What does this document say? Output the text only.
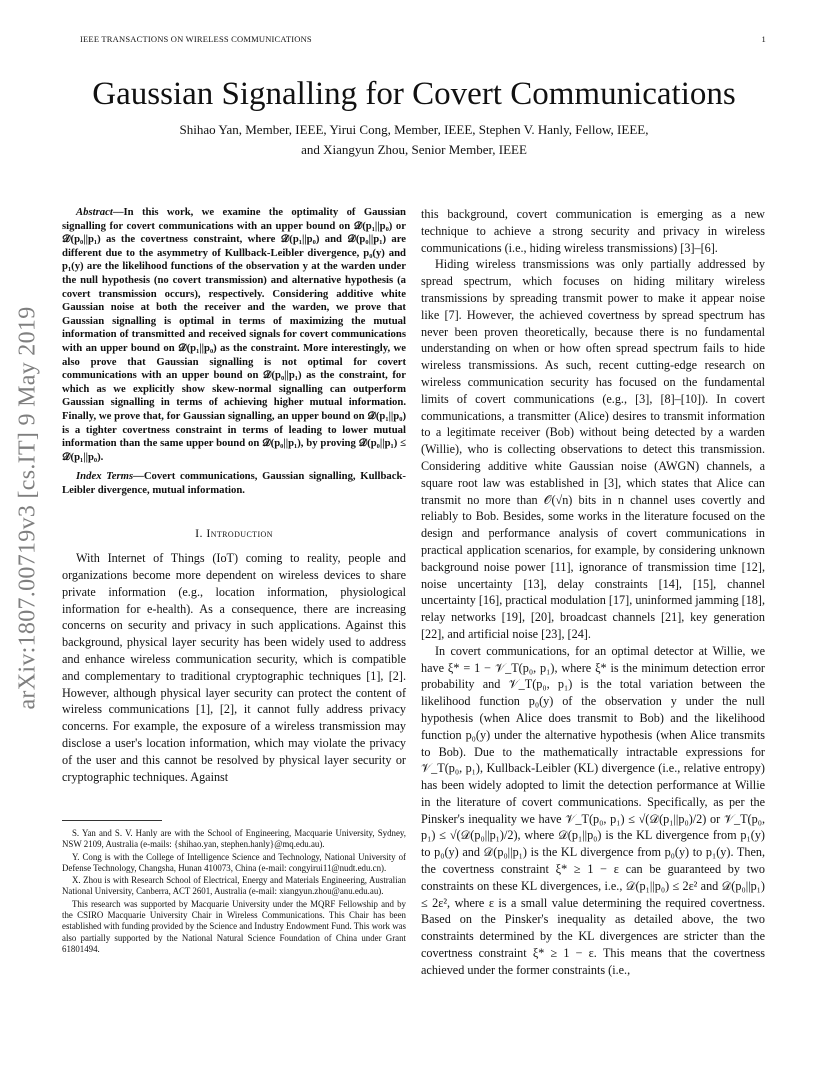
IEEE TRANSACTIONS ON WIRELESS COMMUNICATIONS	1
arXiv:1807.00719v3 [cs.IT] 9 May 2019
Gaussian Signalling for Covert Communications
Shihao Yan, Member, IEEE, Yirui Cong, Member, IEEE, Stephen V. Hanly, Fellow, IEEE,
and Xiangyun Zhou, Senior Member, IEEE

Abstract—In this work, we examine the optimality of Gaussian signalling for covert communications with an upper bound on 𝒟(p₁||p₀) or 𝒟(p₀||p₁) as the covertness constraint, where 𝒟(p₁||p₀) and 𝒟(p₀||p₁) are different due to the asymmetry of Kullback-Leibler divergence, p₀(y) and p₁(y) are the likelihood functions of the observation y at the warden under the null hypothesis (no covert transmission) and alternative hypothesis (a covert transmission occurs), respectively. Considering additive white Gaussian noise at both the receiver and the warden, we prove that Gaussian signalling is optimal in terms of maximizing the mutual information of transmitted and received signals for covert communications with an upper bound on 𝒟(p₁||p₀) as the constraint. More interestingly, we also prove that Gaussian signalling is not optimal for covert communications with an upper bound on 𝒟(p₀||p₁) as the constraint, for which as we explicitly show skew-normal signalling can outperform Gaussian signalling in terms of achieving higher mutual information. Finally, we prove that, for Gaussian signalling, an upper bound on 𝒟(p₁||p₀) is a tighter covertness constraint in terms of leading to lower mutual information than the same upper bound on 𝒟(p₀||p₁), by proving 𝒟(p₀||p₁) ≤ 𝒟(p₁||p₀).

Index Terms—Covert communications, Gaussian signalling, Kullback-Leibler divergence, mutual information.

I. Introduction

With Internet of Things (IoT) coming to reality, people and organizations become more dependent on wireless devices to share private information (e.g., location information, physiological information for e-health). As a consequence, there are increasing concerns on security and privacy in such applications. Against this background, physical layer security has been widely used to address and enhance wireless communication security, which is compatible and complementary to traditional cryptographic techniques [1], [2]. However, although physical layer security can protect the content of wireless communications [1], [2], it cannot fully address privacy concerns. For example, the exposure of a wireless transmission may disclose a user's location information, which may violate the privacy of the user and this cannot be resolved by physical layer security or cryptographic techniques. Against

S. Yan and S. V. Hanly are with the School of Engineering, Macquarie University, Sydney, NSW 2109, Australia (e-mails: {shihao.yan, stephen.hanly}@mq.edu.au).

Y. Cong is with the College of Intelligence Science and Technology, National University of Defense Technology, Changsha, Hunan 410073, China (e-mail: congyirui11@nudt.edu.cn).

X. Zhou is with Research School of Electrical, Energy and Materials Engineering, Australian National University, Canberra, ACT 2601, Australia (e-mail: xiangyun.zhou@anu.edu.au).

This research was supported by Macquarie University under the MQRF Fellowship and by the CSIRO Macquarie University Chair in Wireless Communications. This Chair has been established with funding provided by the Science and Industry Endowment Fund. This work was also partially supported by the National Natural Science Foundation of China under Grant 61801494.

this background, covert communication is emerging as a new technique to achieve a strong security and privacy in wireless communications (i.e., hiding wireless transmissions) [3]–[6].

Hiding wireless transmissions was only partially addressed by spread spectrum, which focuses on hiding military wireless transmissions by spreading transmit power to make it appear noise like [7]. However, the achieved covertness by spread spectrum has never been proven theoretically, because there is no fundamental understanding on when or how often spread spectrum fails to hide wireless transmissions. As such, recent cutting-edge research on wireless communication security has focused on the fundamental limits of covert communications (e.g., [3], [8]–[10]). In covert communications, a transmitter (Alice) desires to transmit information to a legitimate receiver (Bob) without being detected by a warden (Willie), who is collecting observations to detect this transmission. Considering additive white Gaussian noise (AWGN) channels, a square root law was established in [3], which states that Alice can transmit no more than 𝒪(√n) bits in n channel uses covertly and reliably to Bob. Besides, some works in the literature focused on the design and performance analysis of covert communications in practical application scenarios, for example, by considering unknown background noise power [11], ignorance of transmission time [12], noise uncertainty [13], delay constraints [14], [15], channel uncertainty [16], practical modulation [17], uninformed jamming [18], relay networks [19], [20], broadcast channels [21], key generation [22], and artificial noise [23], [24].

In covert communications, for an optimal detector at Willie, we have ξ* = 1 − 𝒱_T(p₀, p₁), where ξ* is the minimum detection error probability and 𝒱_T(p₀, p₁) is the total variation between the likelihood function p₀(y) of the observation y under the null hypothesis (when Alice does transmit to Bob) and the likelihood function p₀(y) under the alternative hypothesis (when Alice transmits to Bob). Due to the mathematically intractable expressions for 𝒱_T(p₀, p₁), Kullback-Leibler (KL) divergence (i.e., relative entropy) has been widely adopted to limit the detection performance at Willie in the literature of covert communications. Specifically, as per the Pinsker's inequality we have 𝒱_T(p₀, p₁) ≤ √(𝒟(p₁||p₀)/2) or 𝒱_T(p₀, p₁) ≤ √(𝒟(p₀||p₁)/2), where 𝒟(p₁||p₀) is the KL divergence from p₁(y) to p₀(y) and 𝒟(p₀||p₁) is the KL divergence from p₀(y) to p₁(y). Then, the covertness constraint ξ* ≥ 1 − ε can be guaranteed by two constraints on these KL divergences, i.e., 𝒟(p₁||p₀) ≤ 2ε² and 𝒟(p₀||p₁) ≤ 2ε², where ε is a small value determining the required covertness. Based on the Pinsker's inequality as detailed above, the two constraints determined by the KL divergences are stricter than the covertness constraint ξ* ≥ 1 − ε. This means that the covertness achieved under the former constraints (i.e.,
